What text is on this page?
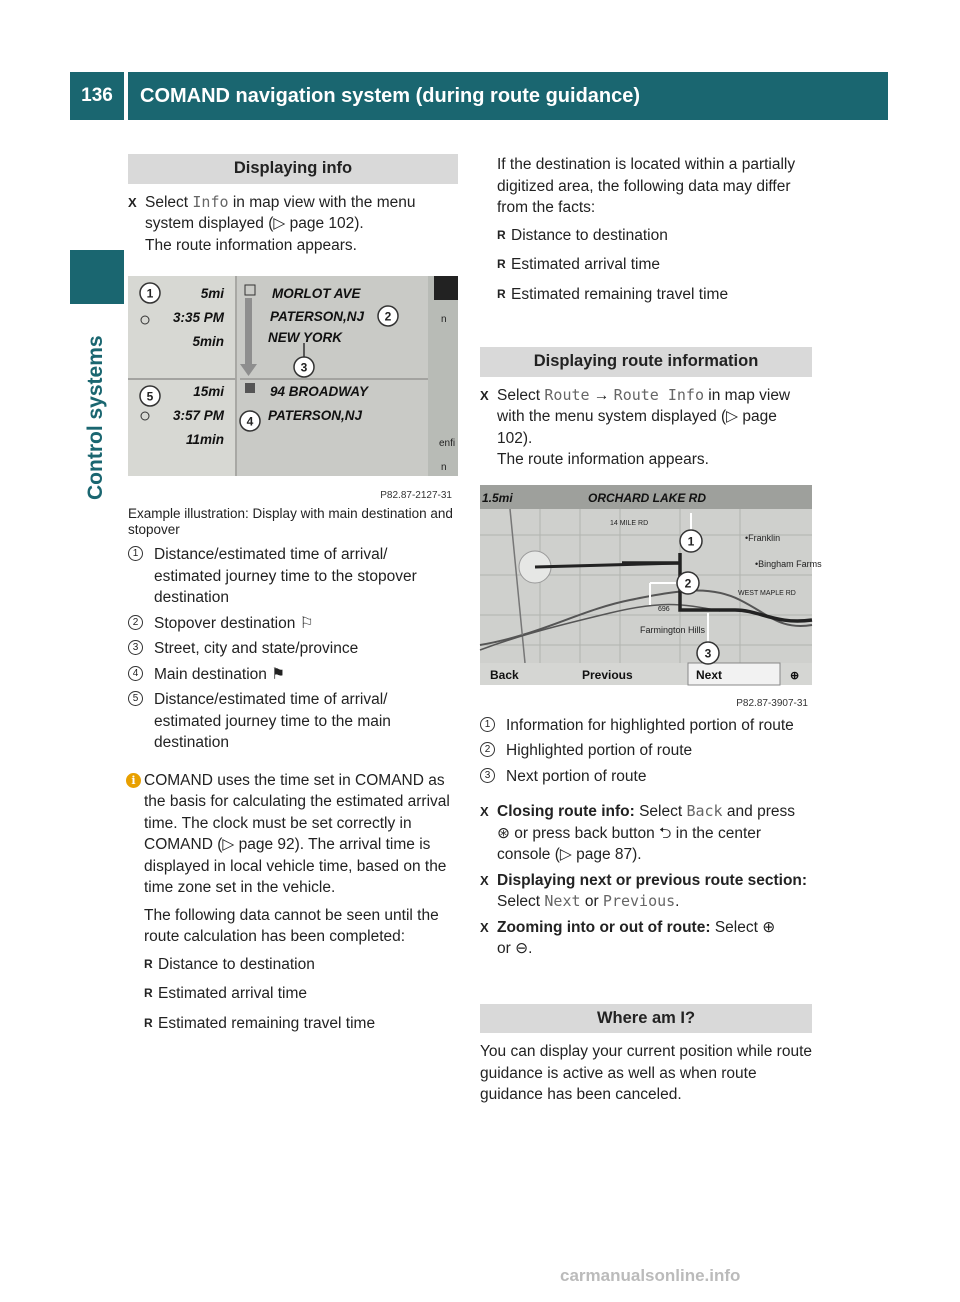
136	COMAND navigation system (during route guidance)
Control systems
Displaying info

X Select Info in map view with the menu system displayed (▷ page 102).
The route information appears.

1
2
3
4
5
5mi
3:35 PM
5min
MORLOT AVE
PATERSON,NJ
NEW YORK
15mi
3:57 PM
11min
94 BROADWAY
PATERSON,NJ
n
enfi
n
P82.87-2127-31

Example illustration: Display with main destination and stopover

1	Distance/estimated time of arrival/ estimated journey time to the stopover destination

2	Stopover destination ⚐

3	Street, city and state/province

4	Main destination ⚑

5	Distance/estimated time of arrival/ estimated journey time to the main destination

i COMAND uses the time set in COMAND as the basis for calculating the estimated arrival time. The clock must be set correctly in COMAND (▷ page 92). The arrival time is displayed in local vehicle time, based on the time zone set in the vehicle.

The following data cannot be seen until the route calculation has been completed:

R Distance to destination

R Estimated arrival time

R Estimated remaining travel time

If the destination is located within a partially digitized area, the following data may differ from the facts:

R Distance to destination

R Estimated arrival time

R Estimated remaining travel time

Displaying route information

X Select Route → Route Info in map view with the menu system displayed (▷ page 102).
The route information appears.

1.5mi	ORCHARD LAKE RD
Back	Previous	Next	⊕
•Franklin
•Bingham Farms
Farmington Hills
WEST MAPLE RD
14 MILE RD
696
1
2
3
P82.87-3907-31

1	Information for highlighted portion of route

2	Highlighted portion of route

3	Next portion of route

X Closing route info: Select Back and press ⊛ or press back button ⮌ in the center console (▷ page 87).

X Displaying next or previous route section: Select Next or Previous.

X Zooming into or out of route: Select ⊕
or ⊖.

Where am I?

You can display your current position while route guidance is active as well as when route guidance has been canceled.

carmanualsonline.info
